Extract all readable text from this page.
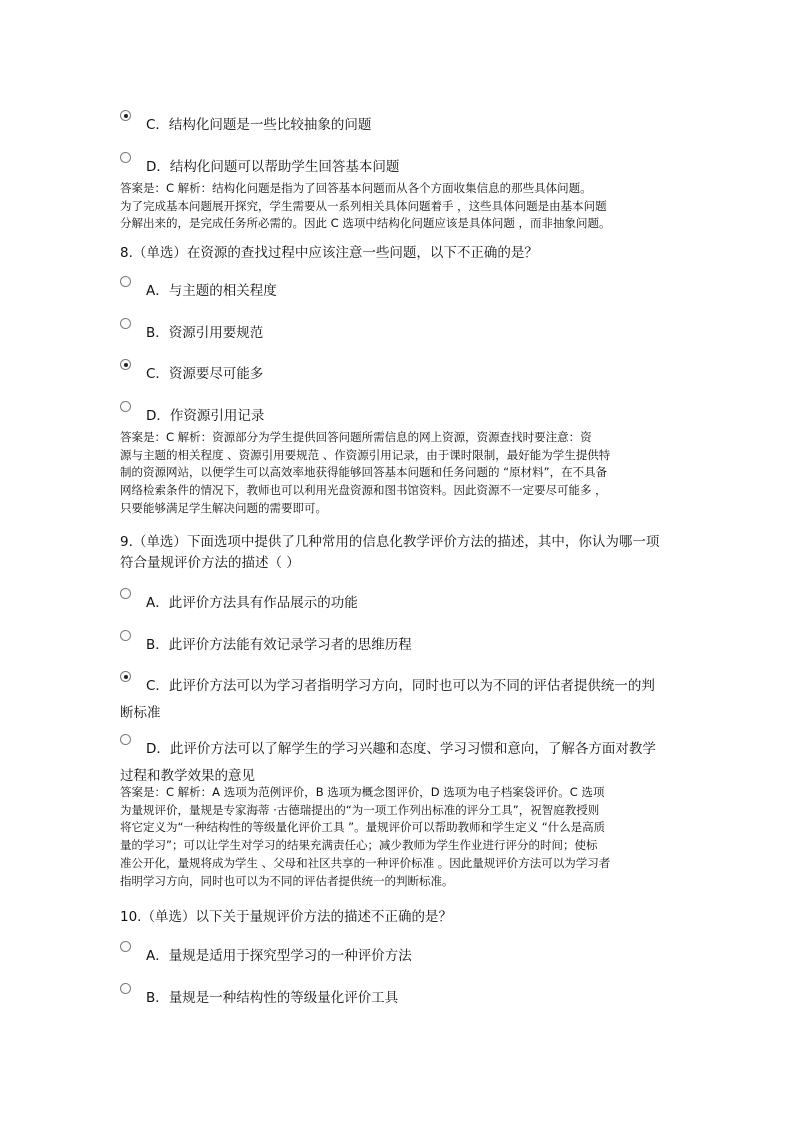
C．结构化问题是一些比较抽象的问题
D．结构化问题可以帮助学生回答基本问题
答案是：C 解析：结构化问题是指为了回答基本问题而从各个方面收集信息的那些具体问题。
为了完成基本问题展开探究，学生需要从一系列相关具体问题着手 ，这些具体问题是由基本问题
分解出来的，是完成任务所必需的。因此 C 选项中结构化问题应该是具体问题 ，而非抽象问题。
8.（单选）在资源的查找过程中应该注意一些问题，以下不正确的是？
A．与主题的相关程度
B．资源引用要规范
C．资源要尽可能多
D．作资源引用记录
答案是：C 解析：资源部分为学生提供回答问题所需信息的网上资源，资源查找时要注意：资
源与主题的相关程度 、资源引用要规范 、作资源引用记录，由于课时限制，最好能为学生提供特
制的资源网站，以便学生可以高效率地获得能够回答基本问题和任务问题的 “原材料”，在不具备
网络检索条件的情况下，教师也可以利用光盘资源和图书馆资料。因此资源不一定要尽可能多 ，
只要能够满足学生解决问题的需要即可。
9.（单选）下面选项中提供了几种常用的信息化教学评价方法的描述，其中，你认为哪一项
符合量规评价方法的描述（ ）
A．此评价方法具有作品展示的功能
B．此评价方法能有效记录学习者的思维历程
C．此评价方法可以为学习者指明学习方向，同时也可以为不同的评估者提供统一的判
断标准
D．此评价方法可以了解学生的学习兴趣和态度、学习习惯和意向，了解各方面对教学
过程和教学效果的意见
答案是：C 解析：A 选项为范例评价，B 选项为概念图评价，D 选项为电子档案袋评价。C 选项
为量规评价，量规是专家海蒂 ·古德瑞提出的“为一项工作列出标准的评分工具”，祝智庭教授则
将它定义为“一种结构性的等级量化评价工具 ”。量规评价可以帮助教师和学生定义 “什么是高质
量的学习”；可以让学生对学习的结果充满责任心；减少教师为学生作业进行评分的时间；使标
准公开化，量规将成为学生 、父母和社区共享的一种评价标准 。因此量规评价方法可以为学习者
指明学习方向，同时也可以为不同的评估者提供统一的判断标准。
10.（单选）以下关于量规评价方法的描述不正确的是？
A．量规是适用于探究型学习的一种评价方法
B．量规是一种结构性的等级量化评价工具
